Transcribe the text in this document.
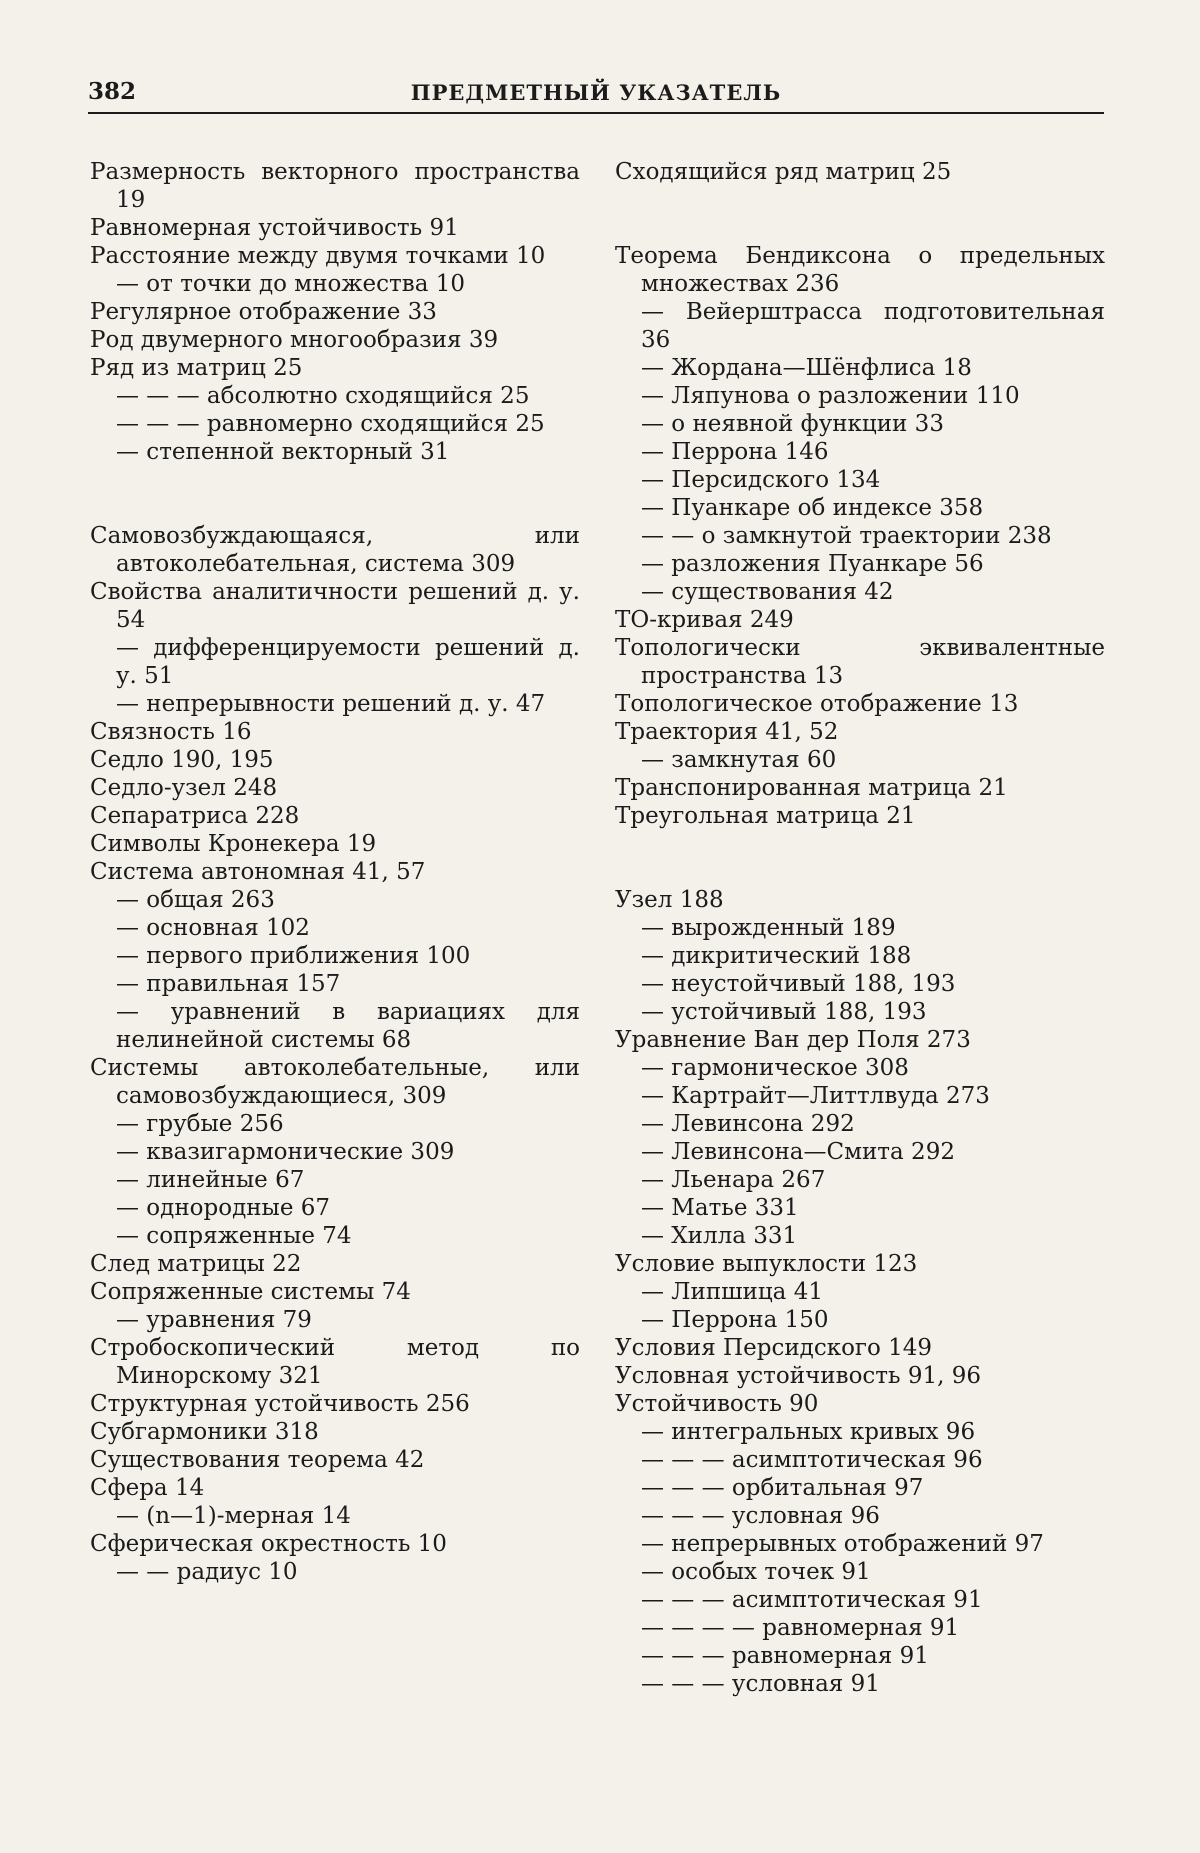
382	ПРЕДМЕТНЫЙ УКАЗАТЕЛЬ
Размерность векторного пространства 19
Равномерная устойчивость 91
Расстояние между двумя точками 10
— от точки до множества 10
Регулярное отображение 33
Род двумерного многообразия 39
Ряд из матриц 25
— — — абсолютно сходящийся 25
— — — равномерно сходящийся 25
— степенной векторный 31
Самовозбуждающаяся, или автоколебательная, система 309
Свойства аналитичности решений д. у. 54
— дифференцируемости решений д. у. 51
— непрерывности решений д. у. 47
Связность 16
Седло 190, 195
Седло-узел 248
Сепаратриса 228
Символы Кронекера 19
Система автономная 41, 57
— общая 263
— основная 102
— первого приближения 100
— правильная 157
— уравнений в вариациях для нелинейной системы 68
Системы автоколебательные, или самовозбуждающиеся, 309
— грубые 256
— квазигармонические 309
— линейные 67
— однородные 67
— сопряженные 74
След матрицы 22
Сопряженные системы 74
— уравнения 79
Стробоскопический метод по Минорскому 321
Структурная устойчивость 256
Субгармоники 318
Существования теорема 42
Сфера 14
— (n—1)-мерная 14
Сферическая окрестность 10
— — радиус 10
Сходящийся ряд матриц 25
Теорема Бендиксона о предельных множествах 236
— Вейерштрасса подготовительная 36
— Жордана—Шёнфлиса 18
— Ляпунова о разложении 110
— о неявной функции 33
— Перрона 146
— Персидского 134
— Пуанкаре об индексе 358
— — о замкнутой траектории 238
— разложения Пуанкаре 56
— существования 42
ТО-кривая 249
Топологически эквивалентные пространства 13
Топологическое отображение 13
Траектория 41, 52
— замкнутая 60
Транспонированная матрица 21
Треугольная матрица 21
Узел 188
— вырожденный 189
— дикритический 188
— неустойчивый 188, 193
— устойчивый 188, 193
Уравнение Ван дер Поля 273
— гармоническое 308
— Картрайт—Литтлвуда 273
— Левинсона 292
— Левинсона—Смита 292
— Льенара 267
— Матье 331
— Хилла 331
Условие выпуклости 123
— Липшица 41
— Перрона 150
Условия Персидского 149
Условная устойчивость 91, 96
Устойчивость 90
— интегральных кривых 96
— — — асимптотическая 96
— — — орбитальная 97
— — — условная 96
— непрерывных отображений 97
— особых точек 91
— — — асимптотическая 91
— — — — равномерная 91
— — — равномерная 91
— — — условная 91
